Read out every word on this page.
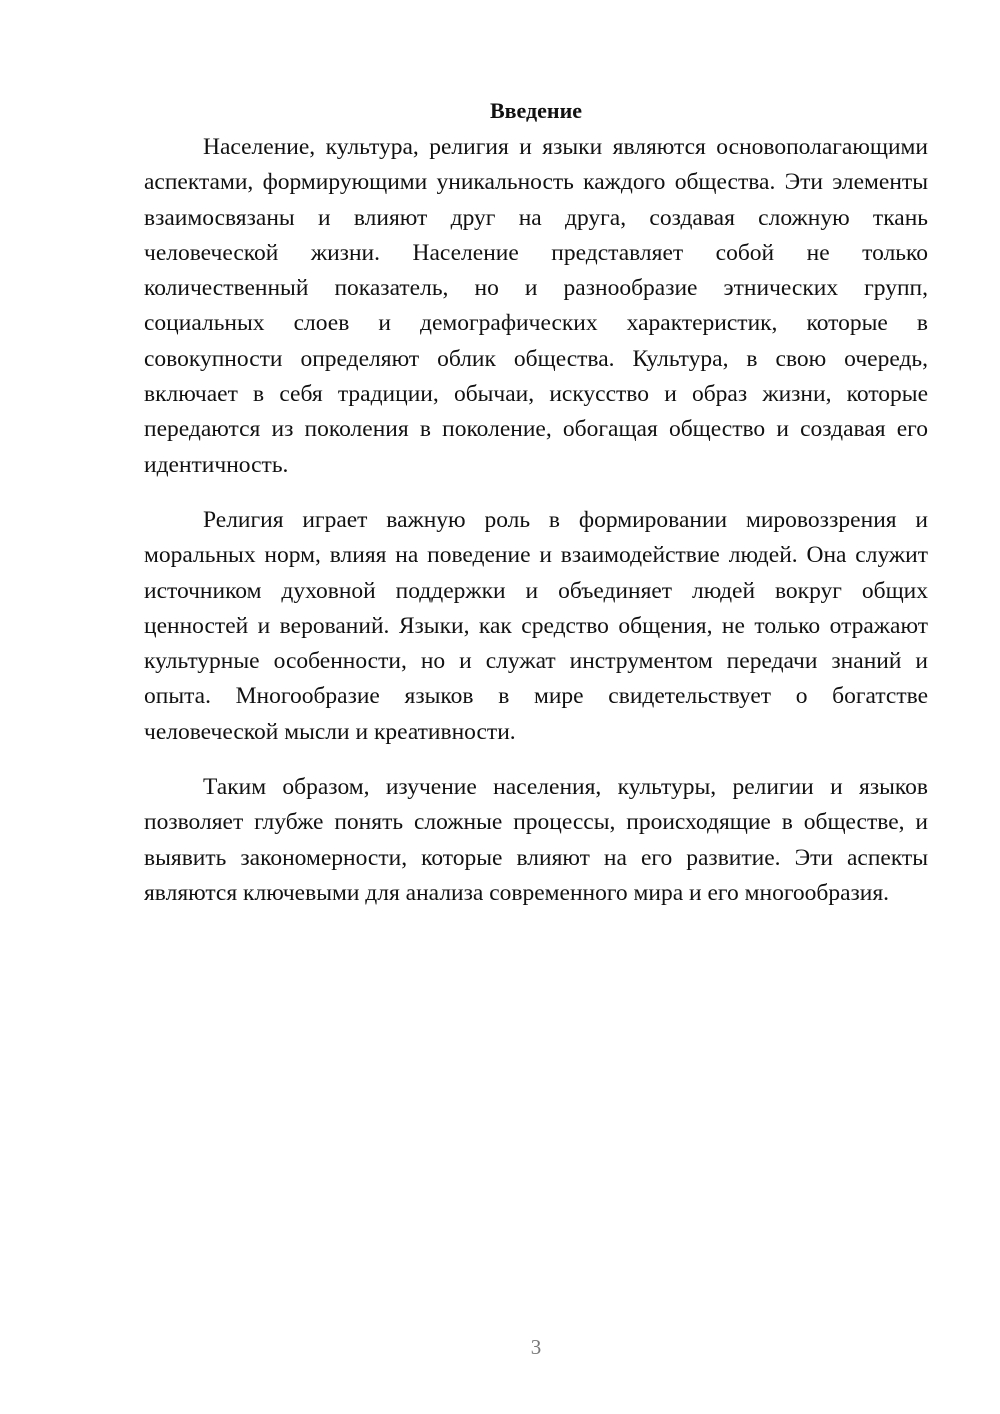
Введение

Население, культура, религия и языки являются основополагающими аспектами, формирующими уникальность каждого общества. Эти элементы взаимосвязаны и влияют друг на друга, создавая сложную ткань человеческой жизни. Население представляет собой не только количественный показатель, но и разнообразие этнических групп, социальных слоев и демографических характеристик, которые в совокупности определяют облик общества. Культура, в свою очередь, включает в себя традиции, обычаи, искусство и образ жизни, которые передаются из поколения в поколение, обогащая общество и создавая его идентичность.

Религия играет важную роль в формировании мировоззрения и моральных норм, влияя на поведение и взаимодействие людей. Она служит источником духовной поддержки и объединяет людей вокруг общих ценностей и верований. Языки, как средство общения, не только отражают культурные особенности, но и служат инструментом передачи знаний и опыта. Многообразие языков в мире свидетельствует о богатстве человеческой мысли и креативности.

Таким образом, изучение населения, культуры, религии и языков позволяет глубже понять сложные процессы, происходящие в обществе, и выявить закономерности, которые влияют на его развитие. Эти аспекты являются ключевыми для анализа современного мира и его многообразия.

3
